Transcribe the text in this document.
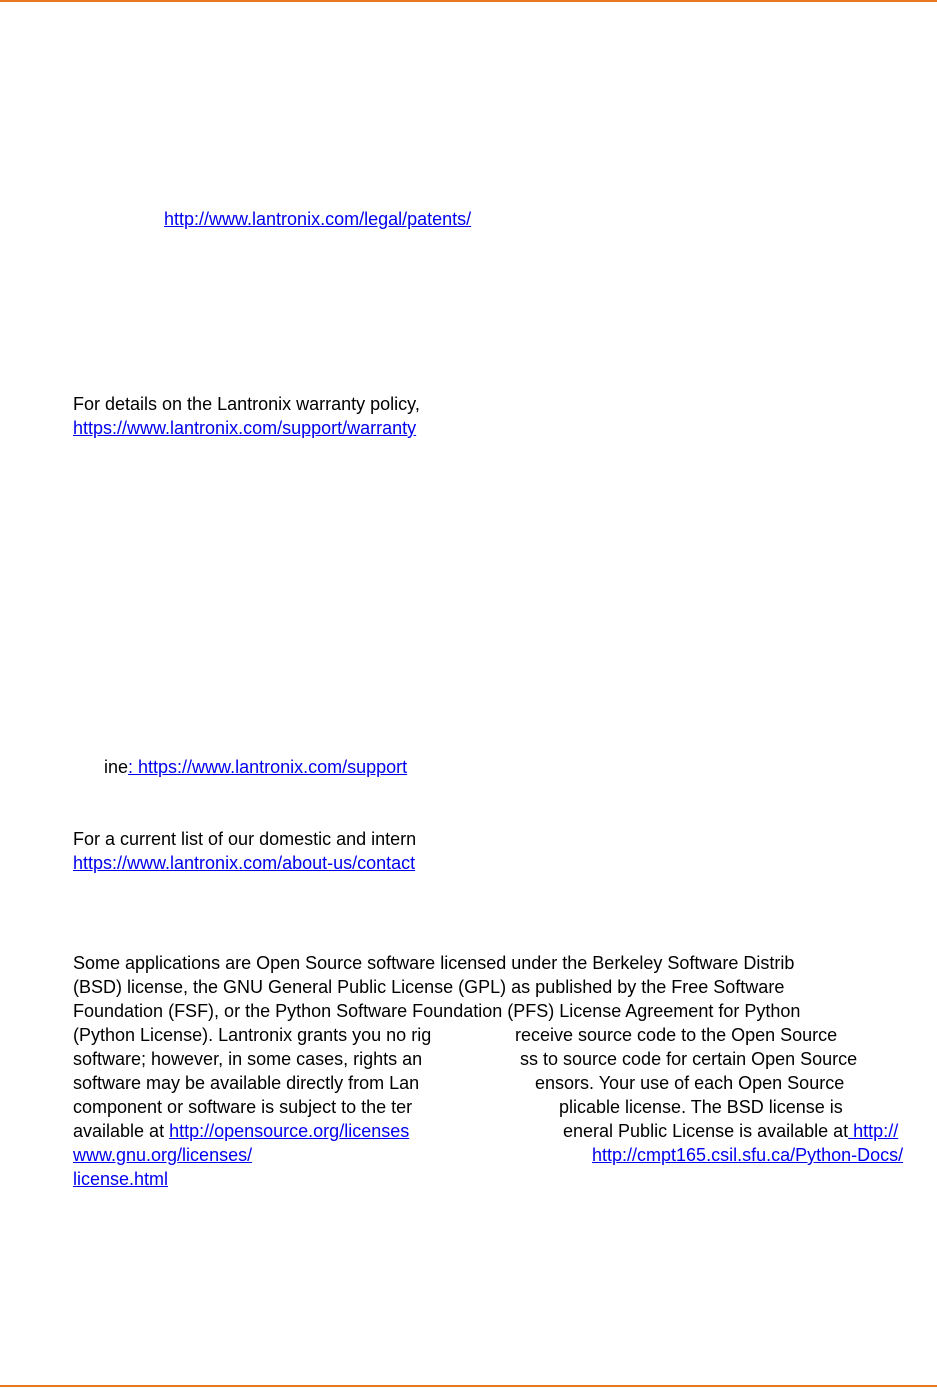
http://www.lantronix.com/legal/patents/
For details on the Lantronix warranty policy,
https://www.lantronix.com/support/warranty
ine: https://www.lantronix.com/support
For a current list of our domestic and intern
https://www.lantronix.com/about-us/contact
Some applications are Open Source software licensed under the Berkeley Software Distrib
(BSD) license, the GNU General Public License (GPL) as published by the Free Software
Foundation (FSF), or the Python Software Foundation (PFS) License Agreement for Python
(Python License). Lantronix grants you no rig	receive source code to the Open Source
software; however, in some cases, rights an	ss to source code for certain Open Source
software may be available directly from Lan	ensors. Your use of each Open Source
component or software is subject to the ter	plicable license. The BSD license is
available at http://opensource.org/licenses	eneral Public License is available at http://
www.gnu.org/licenses/	http://cmpt165.csil.sfu.ca/Python-Docs/
license.html
